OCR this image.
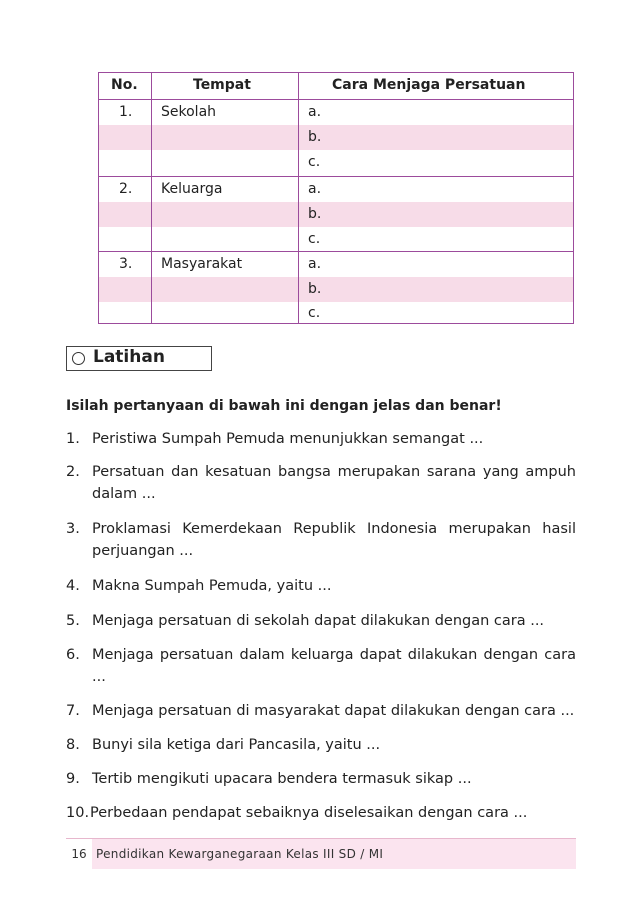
No.	Tempat	Cara Menjaga Persatuan
1. Sekolah	a.
b.
c.
2. Keluarga	a.
b.
c.
3. Masyarakat	a.
b.
c.
Latihan
Isilah pertanyaan di bawah ini dengan jelas dan benar!
1. Peristiwa Sumpah Pemuda menunjukkan semangat ...
2. Persatuan dan kesatuan bangsa merupakan sarana yang ampuh dalam ...
3. Proklamasi Kemerdekaan Republik Indonesia merupakan hasil perjuangan ...
4. Makna Sumpah Pemuda, yaitu ...
5. Menjaga persatuan di sekolah dapat dilakukan dengan cara ...
6. Menjaga persatuan dalam keluarga dapat dilakukan dengan cara ...
7. Menjaga persatuan di masyarakat dapat dilakukan dengan cara ...
8. Bunyi sila ketiga dari Pancasila, yaitu ...
9. Tertib mengikuti upacara bendera termasuk sikap ...
10. Perbedaan pendapat sebaiknya diselesaikan dengan cara ...
16 Pendidikan Kewarganegaraan Kelas III SD / MI
